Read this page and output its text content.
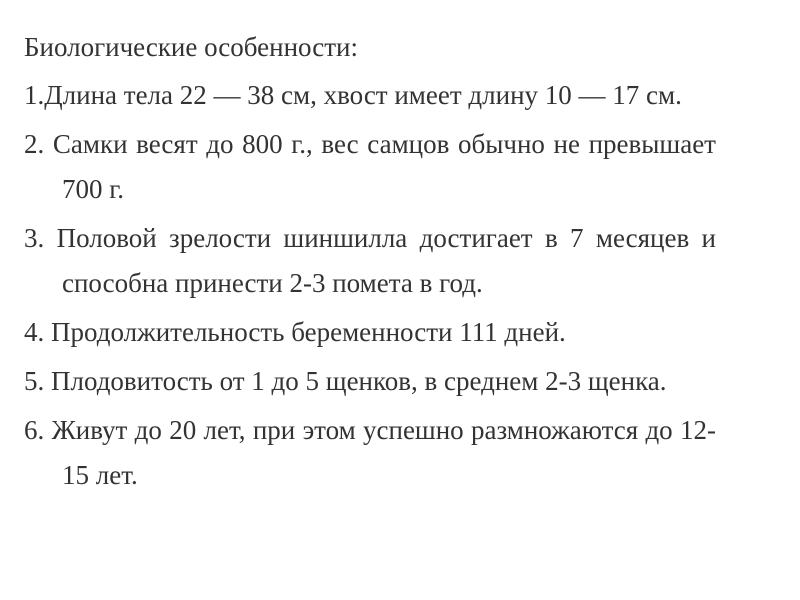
Биологические особенности:
1.Длина тела 22 — 38 см, хвост имеет длину 10 — 17 см.
2. Самки весят до 800 г., вес самцов обычно не превышает 700 г.
3. Половой зрелости шиншилла достигает в 7 месяцев и способна принести 2-3 помета в год.
4. Продолжительность беременности 111 дней.
5. Плодовитость от 1 до 5 щенков, в среднем 2-3 щенка.
6. Живут до 20 лет, при этом успешно размножаются до 12-15 лет.
